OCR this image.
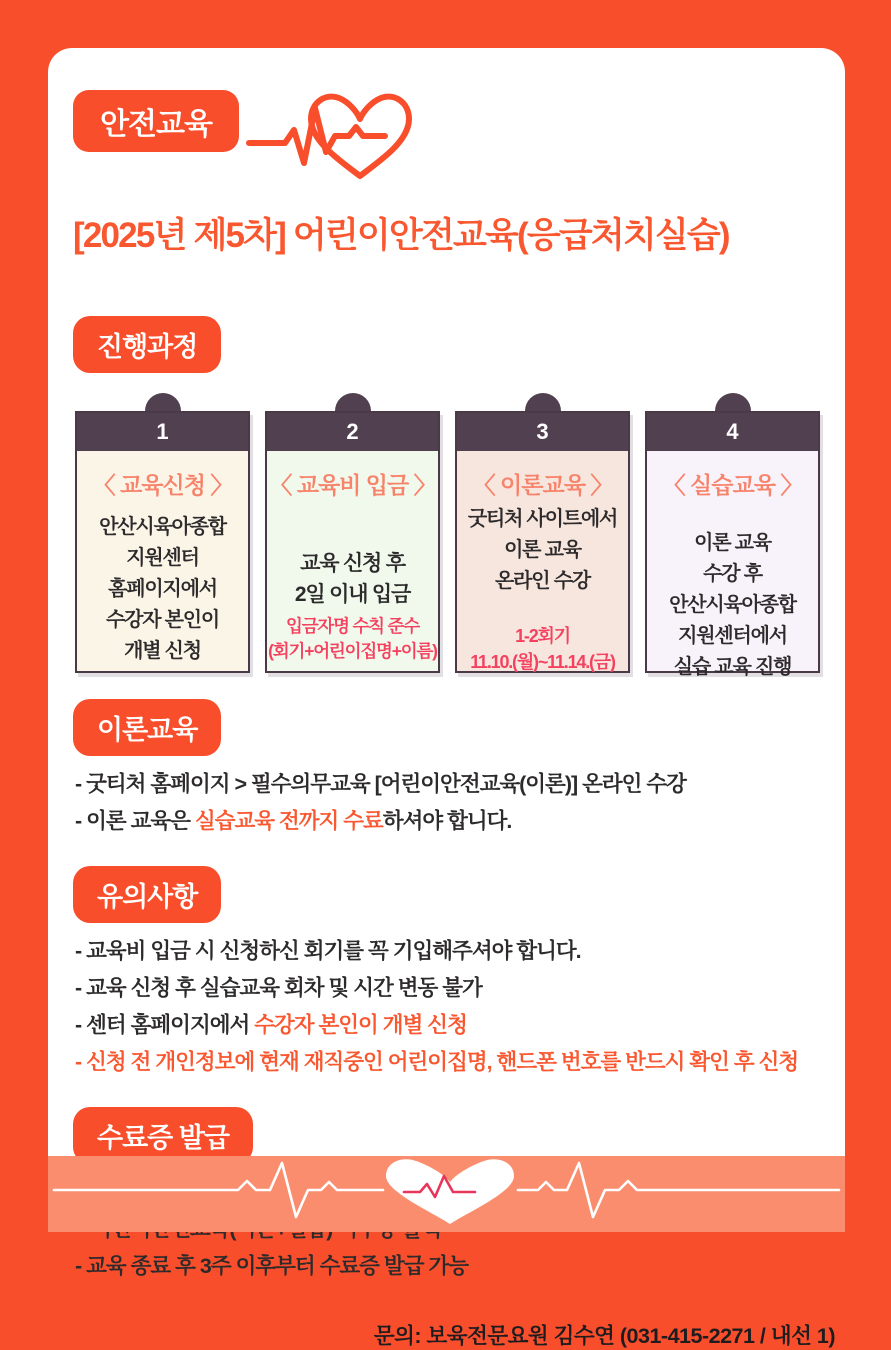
안전교육
[2025년 제5차] 어린이안전교육(응급처치실습)
진행과정
1
〈 교육신청 〉
안산시육아종합
지원센터
홈페이지에서
수강자 본인이
개별 신청
2
〈 교육비 입금 〉
교육 신청 후
2일 이내 입금
입금자명 수칙 준수
(회기+어린이집명+이름)
3
〈 이론교육 〉
굿티처 사이트에서
이론 교육
온라인 수강
1-2회기
11.10.(월)~11.14.(금)
4
〈 실습교육 〉
이론 교육
수강 후
안산시육아종합
지원센터에서
실습 교육 진행
이론교육
- 굿티처 홈페이지 > 필수의무교육 [어린이안전교육(이론)] 온라인 수강
- 이론 교육은 실습교육 전까지 수료하셔야 합니다.
유의사항
- 교육비 입금 시 신청하신 회기를 꼭 기입해주셔야 합니다.
- 교육 신청 후 실습교육 회차 및 시간 변동 불가
- 센터 홈페이지에서 수강자 본인이 개별 신청
- 신청 전 개인정보에 현재 재직중인 어린이집명, 핸드폰 번호를 반드시 확인 후 신청
수료증 발급
- 교육 종료 후 3주 이후부터 수료증 발급 가능
문의: 보육전문요원 김수연 (031-415-2271 / 내선 1)
